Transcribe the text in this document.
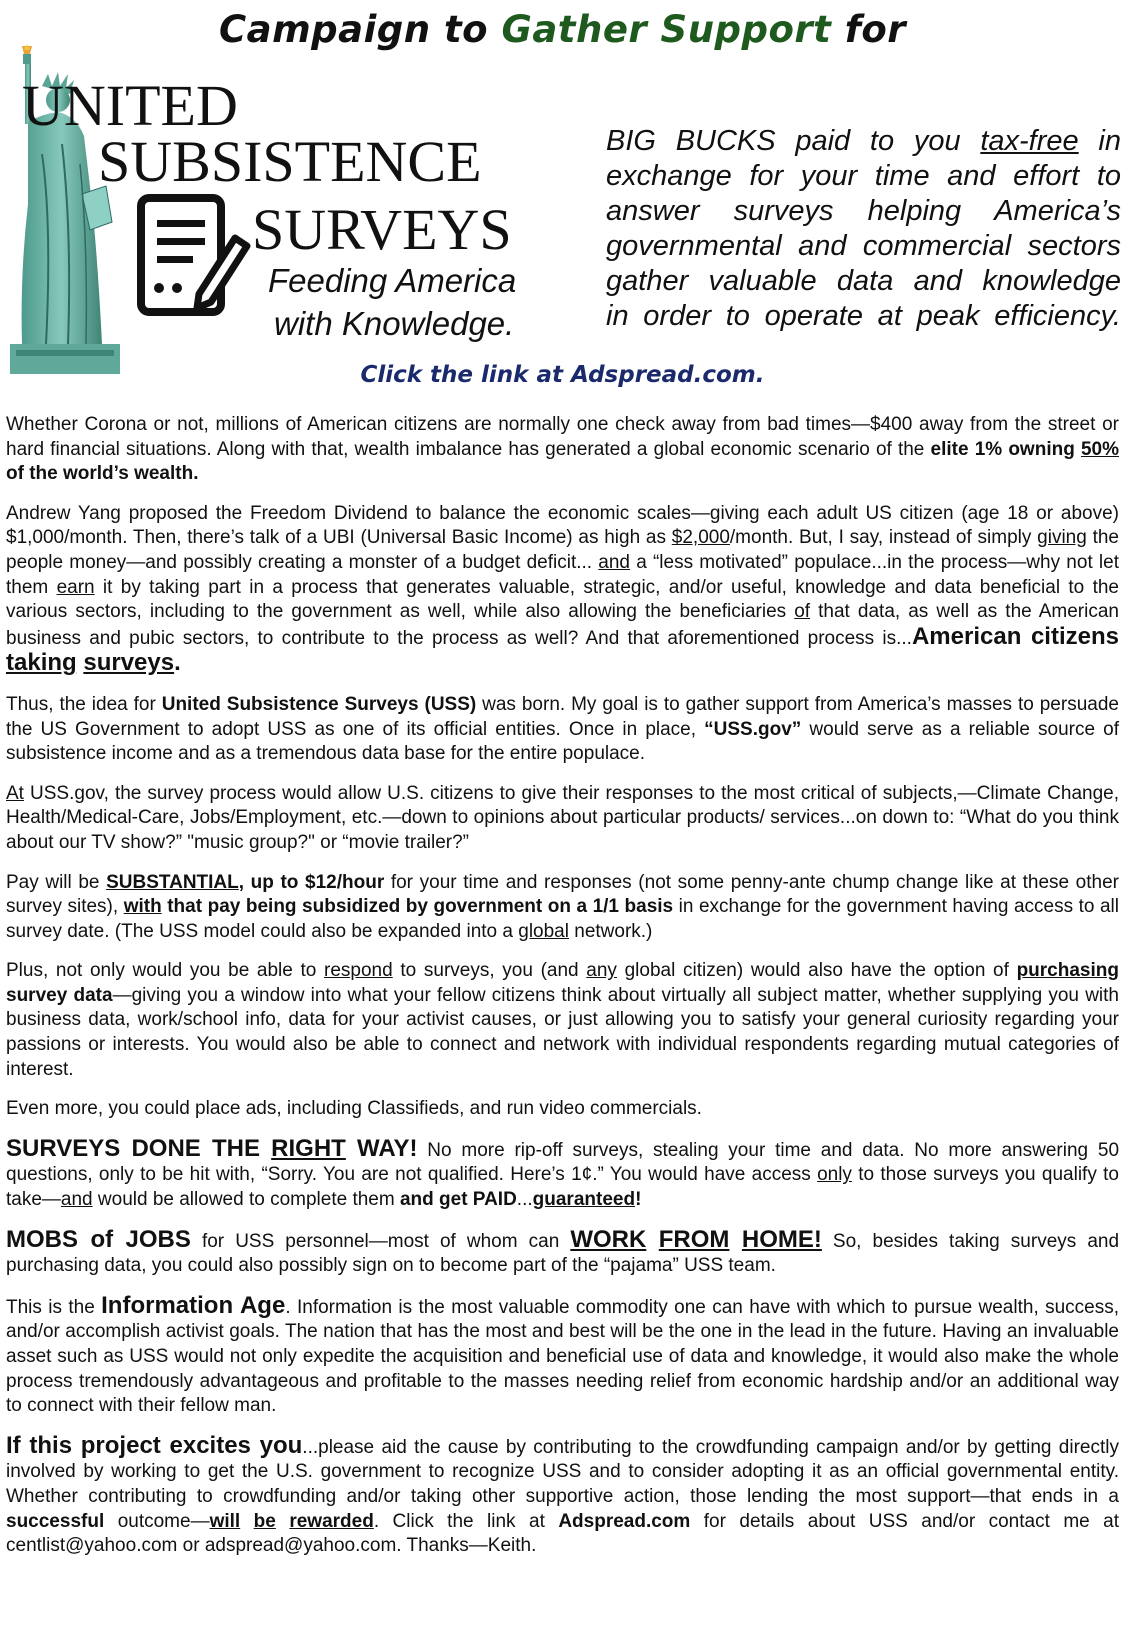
Campaign to Gather Support for
UNITED
SUBSISTENCE
SURVEYS
Feeding America
with Knowledge.
BIG BUCKS paid to you tax-free in
exchange for your time and effort to
answer surveys helping America’s
governmental and commercial sectors
gather valuable data and knowledge
in order to operate at peak efficiency.
Click the link at Adspread.com.

Whether Corona or not, millions of American citizens are normally one check away from bad times—$400 away from the street or hard financial situations. Along with that, wealth imbalance has generated a global economic scenario of the elite 1% owning 50% of the world’s wealth.

Andrew Yang proposed the Freedom Dividend to balance the economic scales—giving each adult US citizen (age 18 or above) $1,000/month. Then, there’s talk of a UBI (Universal Basic Income) as high as $2,000/month. But, I say, instead of simply giving the people money—and possibly creating a monster of a budget deficit... and a “less motivated” populace...in the process—why not let them earn it by taking part in a process that generates valuable, strategic, and/or useful, knowledge and data beneficial to the various sectors, including to the government as well, while also allowing the beneficiaries of that data, as well as the American business and pubic sectors, to contribute to the process as well? And that aforementioned process is...American citizens taking surveys.

Thus, the idea for United Subsistence Surveys (USS) was born. My goal is to gather support from America’s masses to persuade the US Government to adopt USS as one of its official entities. Once in place, “USS.gov” would serve as a reliable source of subsistence income and as a tremendous data base for the entire populace.

At USS.gov, the survey process would allow U.S. citizens to give their responses to the most critical of subjects,—Climate Change, Health/Medical-Care, Jobs/Employment, etc.—down to opinions about particular products/ services...on down to: “What do you think about our TV show?” "music group?" or “movie trailer?”

Pay will be SUBSTANTIAL, up to $12/hour for your time and responses (not some penny-ante chump change like at these other survey sites), with that pay being subsidized by government on a 1/1 basis in exchange for the government having access to all survey date. (The USS model could also be expanded into a global network.)

Plus, not only would you be able to respond to surveys, you (and any global citizen) would also have the option of purchasing survey data—giving you a window into what your fellow citizens think about virtually all subject matter, whether supplying you with business data, work/school info, data for your activist causes, or just allowing you to satisfy your general curiosity regarding your passions or interests. You would also be able to connect and network with individual respondents regarding mutual categories of interest.

Even more, you could place ads, including Classifieds, and run video commercials.

SURVEYS DONE THE RIGHT WAY! No more rip-off surveys, stealing your time and data. No more answering 50 questions, only to be hit with, “Sorry. You are not qualified. Here’s 1¢.” You would have access only to those surveys you qualify to take—and would be allowed to complete them and get PAID...guaranteed!

MOBS of JOBS for USS personnel—most of whom can WORK FROM HOME! So, besides taking surveys and purchasing data, you could also possibly sign on to become part of the “pajama” USS team.

This is the Information Age. Information is the most valuable commodity one can have with which to pursue wealth, success, and/or accomplish activist goals. The nation that has the most and best will be the one in the lead in the future. Having an invaluable asset such as USS would not only expedite the acquisition and beneficial use of data and knowledge, it would also make the whole process tremendously advantageous and profitable to the masses needing relief from economic hardship and/or an additional way to connect with their fellow man.

If this project excites you...please aid the cause by contributing to the crowdfunding campaign and/or by getting directly involved by working to get the U.S. government to recognize USS and to consider adopting it as an official governmental entity. Whether contributing to crowdfunding and/or taking other supportive action, those lending the most support—that ends in a successful outcome—will be rewarded. Click the link at Adspread.com for details about USS and/or contact me at centlist@yahoo.com or adspread@yahoo.com. Thanks—Keith.
